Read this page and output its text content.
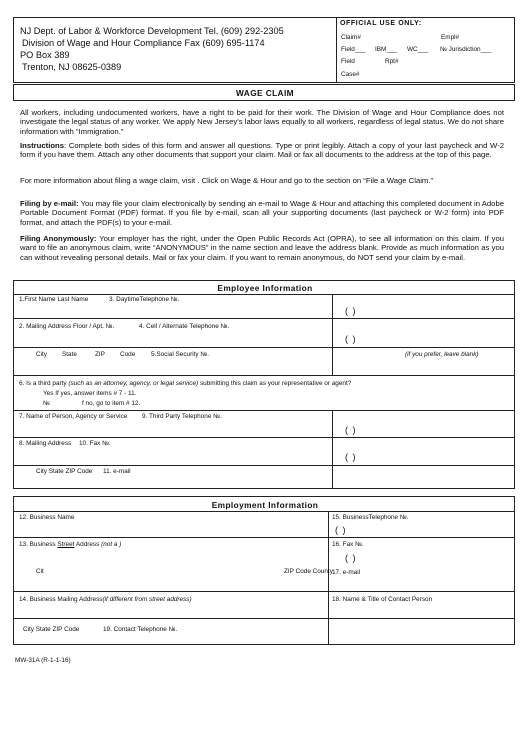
NJ Dept. of Labor & Workforce Development Tel. (609) 292-2305
Division of Wage and Hour Compliance Fax (609) 695-1174
PO Box 389
Trenton, NJ 08625-0389
OFFICIAL USE ONLY:
Claim#	Empl#
Field___ IBM___ WC___ № Jurisdiction___
Field	Rpt#
Case#
WAGE CLAIM
All workers, including undocumented workers, have a right to be paid for their work. The Division of Wage and Hour Compliance does not investigate the legal status of any worker. We apply New Jersey's labor laws equally to all workers, regardless of legal status. We do not share information with “Immigration.”
Instructions: Complete both sides of this form and answer all questions. Type or print legibly. Attach a copy of your last paycheck and W-2 form if you have them. Attach any other documents that support your claim. Mail or fax all documents to the address at the top of this page.
For more information about filing a wage claim, visit . Click on Wage & Hour and go to the section on “File a Wage Claim.”
Filing by e-mail: You may file your claim electronically by sending an e-mail to Wage & Hour and attaching this completed document in Adobe Portable Document Format (PDF) format. If you file by e-mail, scan all your supporting documents (last paycheck or W-2 form) into PDF format, and attach the PDF(s) to your e-mail.
Filing Anonymously: Your employer has the right, under the Open Public Records Act (OPRA), to see all information on this claim. If you want to file an anonymous claim, write “ANONYMOUS” in the name section and leave the address blank. Provide as much information as you can without revealing personal details. Mail or fax your claim. If you want to remain anonymous, do NOT send your claim by e-mail.
Employee Information
1.First Name Last Name	3. DaytimeTelephone №.
( )
2. Mailing Address Floor / Apt. №.	4. Cell / Alternate Telephone №.
( )
City State	ZIP Code 5.Social Security №.	(if you prefer, leave blank)
6. Is a third party (such as an attorney, agency, or legal service) submitting this claim as your representative or agent?
Yes If yes, answer items # 7 - 11.
№	f no, go to item # 12.
7. Name of Person, Agency or Service 9. Third Party Telephone №.
( )
8. Mailing Address 10. Fax №.
( )
City State ZIP Code 11. e-mail
Employment Information
12. Business Name	15. BusinessTelephone №.
( )
13. Business Street Address (not a )	16. Fax №.
( )
Cit	ZIP Code County 17. e-mail
14. Business Mailing Address(if different from street address)	18. Name & Title of Contact Person
City State ZIP Code	19. Contact Telephone №.
MW-31A (R-1-1-16)
